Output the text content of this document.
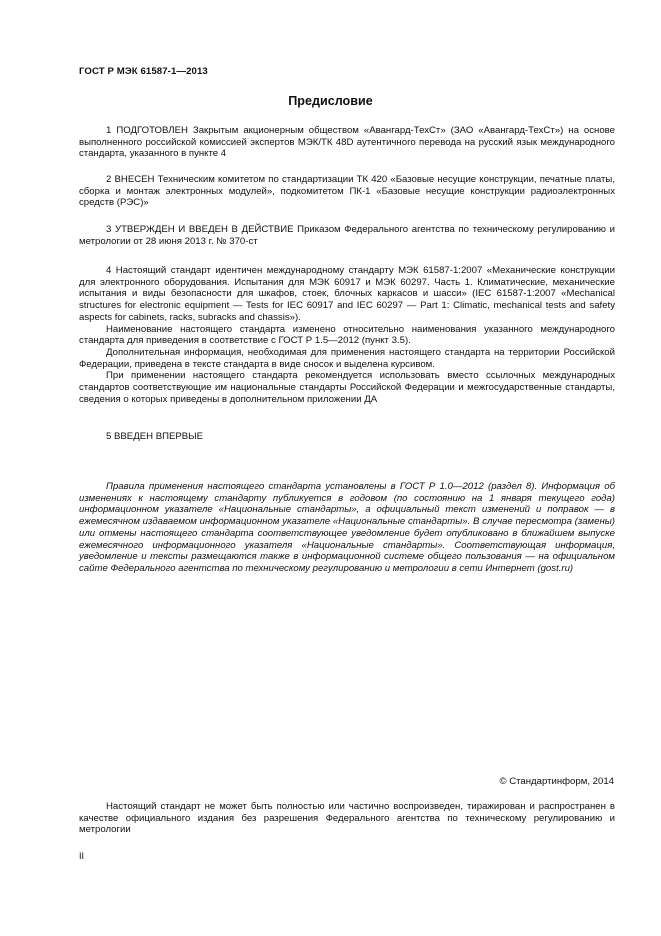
ГОСТ Р МЭК 61587-1—2013
Предисловие

1 ПОДГОТОВЛЕН Закрытым акционерным обществом «Авангард-ТехСт» (ЗАО «Авангард-ТехСт») на основе выполненного российской комиссией экспертов МЭК/ТК 48D аутентичного перевода на русский язык международного стандарта, указанного в пункте 4

2 ВНЕСЕН Техническим комитетом по стандартизации ТК 420 «Базовые несущие конструкции, печатные платы, сборка и монтаж электронных модулей», подкомитетом ПК-1 «Базовые несущие конструкции радиоэлектронных средств (РЭС)»

3 УТВЕРЖДЕН И ВВЕДЕН В ДЕЙСТВИЕ Приказом Федерального агентства по техническому регулированию и метрологии от 28 июня 2013 г. № 370-ст

4 Настоящий стандарт идентичен международному стандарту МЭК 61587-1:2007 «Механические конструкции для электронного оборудования. Испытания для МЭК 60917 и МЭК 60297. Часть 1. Климатические, механические испытания и виды безопасности для шкафов, стоек, блочных каркасов и шасси» (IEC 61587-1:2007 «Mechanical structures for electronic equipment — Tests for IEC 60917 and IEC 60297 — Part 1: Climatic, mechanical tests and safety aspects for cabinets, racks, subracks and chassis»).

Наименование настоящего стандарта изменено относительно наименования указанного международного стандарта для приведения в соответствие с ГОСТ Р 1.5—2012 (пункт 3.5).

Дополнительная информация, необходимая для применения настоящего стандарта на территории Российской Федерации, приведена в тексте стандарта в виде сносок и выделена курсивом.

При применении настоящего стандарта рекомендуется использовать вместо ссылочных международных стандартов соответствующие им национальные стандарты Российской Федерации и межгосударственные стандарты, сведения о которых приведены в дополнительном приложении ДА

5 ВВЕДЕН ВПЕРВЫЕ

Правила применения настоящего стандарта установлены в ГОСТ Р 1.0—2012 (раздел 8). Информация об изменениях к настоящему стандарту публикуется в годовом (по состоянию на 1 января текущего года) информационном указателе «Национальные стандарты», а официальный текст изменений и поправок — в ежемесячном издаваемом информационном указателе «Национальные стандарты». В случае пересмотра (замены) или отмены настоящего стандарта соответствующее уведомление будет опубликовано в ближайшем выпуске ежемесячного информационного указателя «Национальные стандарты». Соответствующая информация, уведомление и тексты размещаются также в информационной системе общего пользования — на официальном сайте Федерального агентства по техническому регулированию и метрологии в сети Интернет (gost.ru)

© Стандартинформ, 2014

Настоящий стандарт не может быть полностью или частично воспроизведен, тиражирован и распространен в качестве официального издания без разрешения Федерального агентства по техническому регулированию и метрологии

II
